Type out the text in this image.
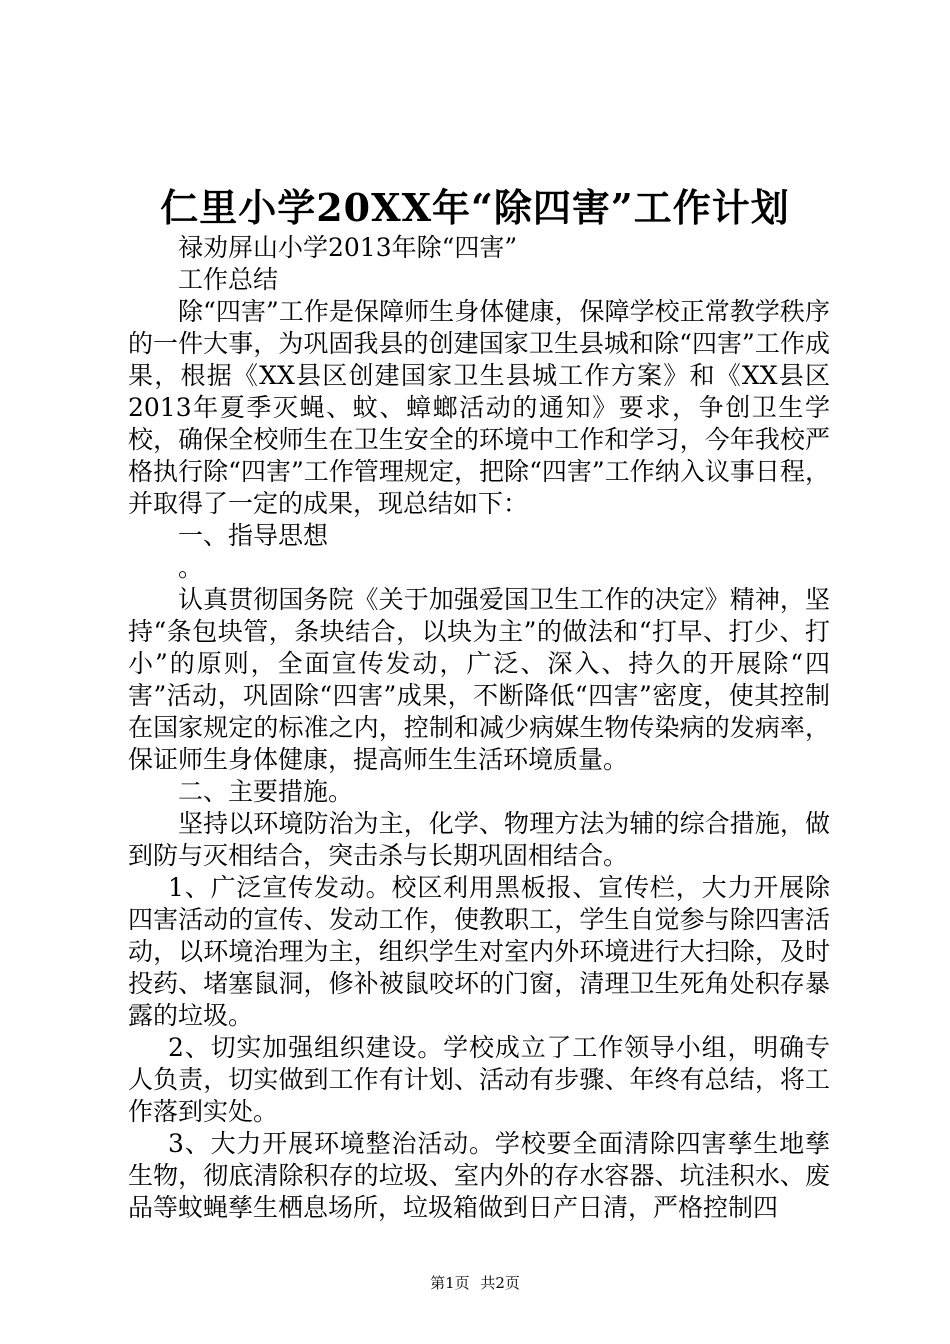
仁里小学20XX年“除四害”工作计划

禄劝屏山小学2013年除“四害”

工作总结

除“四害”工作是保障师生身体健康，保障学校正常教学秩序的一件大事，为巩固我县的创建国家卫生县城和除“四害”工作成果，根据《XX县区创建国家卫生县城工作方案》和《XX县区2013年夏季灭蝇、蚊、蟑螂活动的通知》要求，争创卫生学校，确保全校师生在卫生安全的环境中工作和学习，今年我校严格执行除“四害”工作管理规定，把除“四害”工作纳入议事日程，并取得了一定的成果，现总结如下：

一、指导思想

。

认真贯彻国务院《关于加强爱国卫生工作的决定》精神，坚持“条包块管，条块结合，以块为主”的做法和“打早、打少、打小”的原则，全面宣传发动，广泛、深入、持久的开展除“四害”活动，巩固除“四害”成果，不断降低“四害”密度，使其控制在国家规定的标准之内，控制和减少病媒生物传染病的发病率，保证师生身体健康，提高师生生活环境质量。

二、主要措施。

坚持以环境防治为主，化学、物理方法为辅的综合措施，做到防与灭相结合，突击杀与长期巩固相结合。

1、广泛宣传发动。校区利用黑板报、宣传栏，大力开展除四害活动的宣传、发动工作，使教职工，学生自觉参与除四害活动，以环境治理为主，组织学生对室内外环境进行大扫除，及时投药、堵塞鼠洞，修补被鼠咬坏的门窗，清理卫生死角处积存暴露的垃圾。

2、切实加强组织建设。学校成立了工作领导小组，明确专人负责，切实做到工作有计划、活动有步骤、年终有总结，将工作落到实处。

3、大力开展环境整治活动。学校要全面清除四害孳生地孳生物，彻底清除积存的垃圾、室内外的存水容器、坑洼积水、废品等蚊蝇孳生栖息场所，垃圾箱做到日产日清，严格控制四

第1页 共2页
